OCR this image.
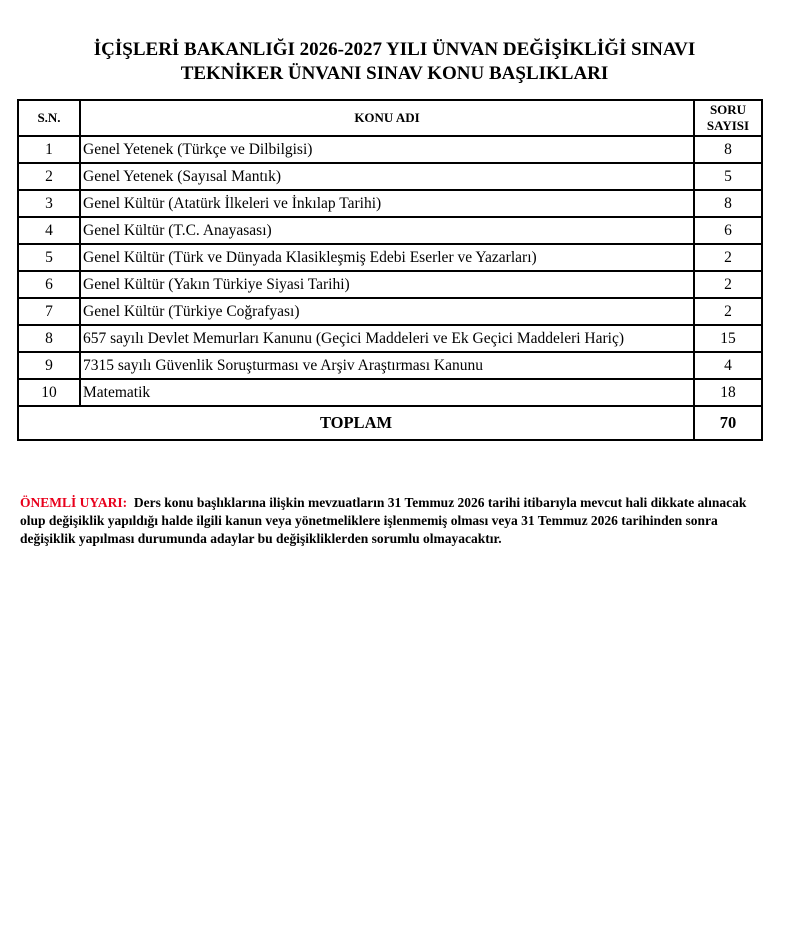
İÇİŞLERİ BAKANLIĞI 2026-2027 YILI ÜNVAN DEĞİŞİKLİĞİ SINAVI
TEKNİKER ÜNVANI SINAV KONU BAŞLIKLARI
S.N.	KONU ADI	SORU
SAYISI
1	Genel Yetenek (Türkçe ve Dilbilgisi)	8
2	Genel Yetenek (Sayısal Mantık)	5
3	Genel Kültür (Atatürk İlkeleri ve İnkılap Tarihi)	8
4	Genel Kültür (T.C. Anayasası)	6
5	Genel Kültür (Türk ve Dünyada Klasikleşmiş Edebi Eserler ve Yazarları)	2
6	Genel Kültür (Yakın Türkiye Siyasi Tarihi)	2
7	Genel Kültür (Türkiye Coğrafyası)	2
8	657 sayılı Devlet Memurları Kanunu (Geçici Maddeleri ve Ek Geçici Maddeleri Hariç)	15
9	7315 sayılı Güvenlik Soruşturması ve Arşiv Araştırması Kanunu	4
10	Matematik	18
TOPLAM		70
ÖNEMLİ UYARI: Ders konu başlıklarına ilişkin mevzuatların 31 Temmuz 2026 tarihi itibarıyla mevcut hali dikkate alınacak olup değişiklik yapıldığı halde ilgili kanun veya yönetmeliklere işlenmemiş olması veya 31 Temmuz 2026 tarihinden sonra değişiklik yapılması durumunda adaylar bu değişikliklerden sorumlu olmayacaktır.
